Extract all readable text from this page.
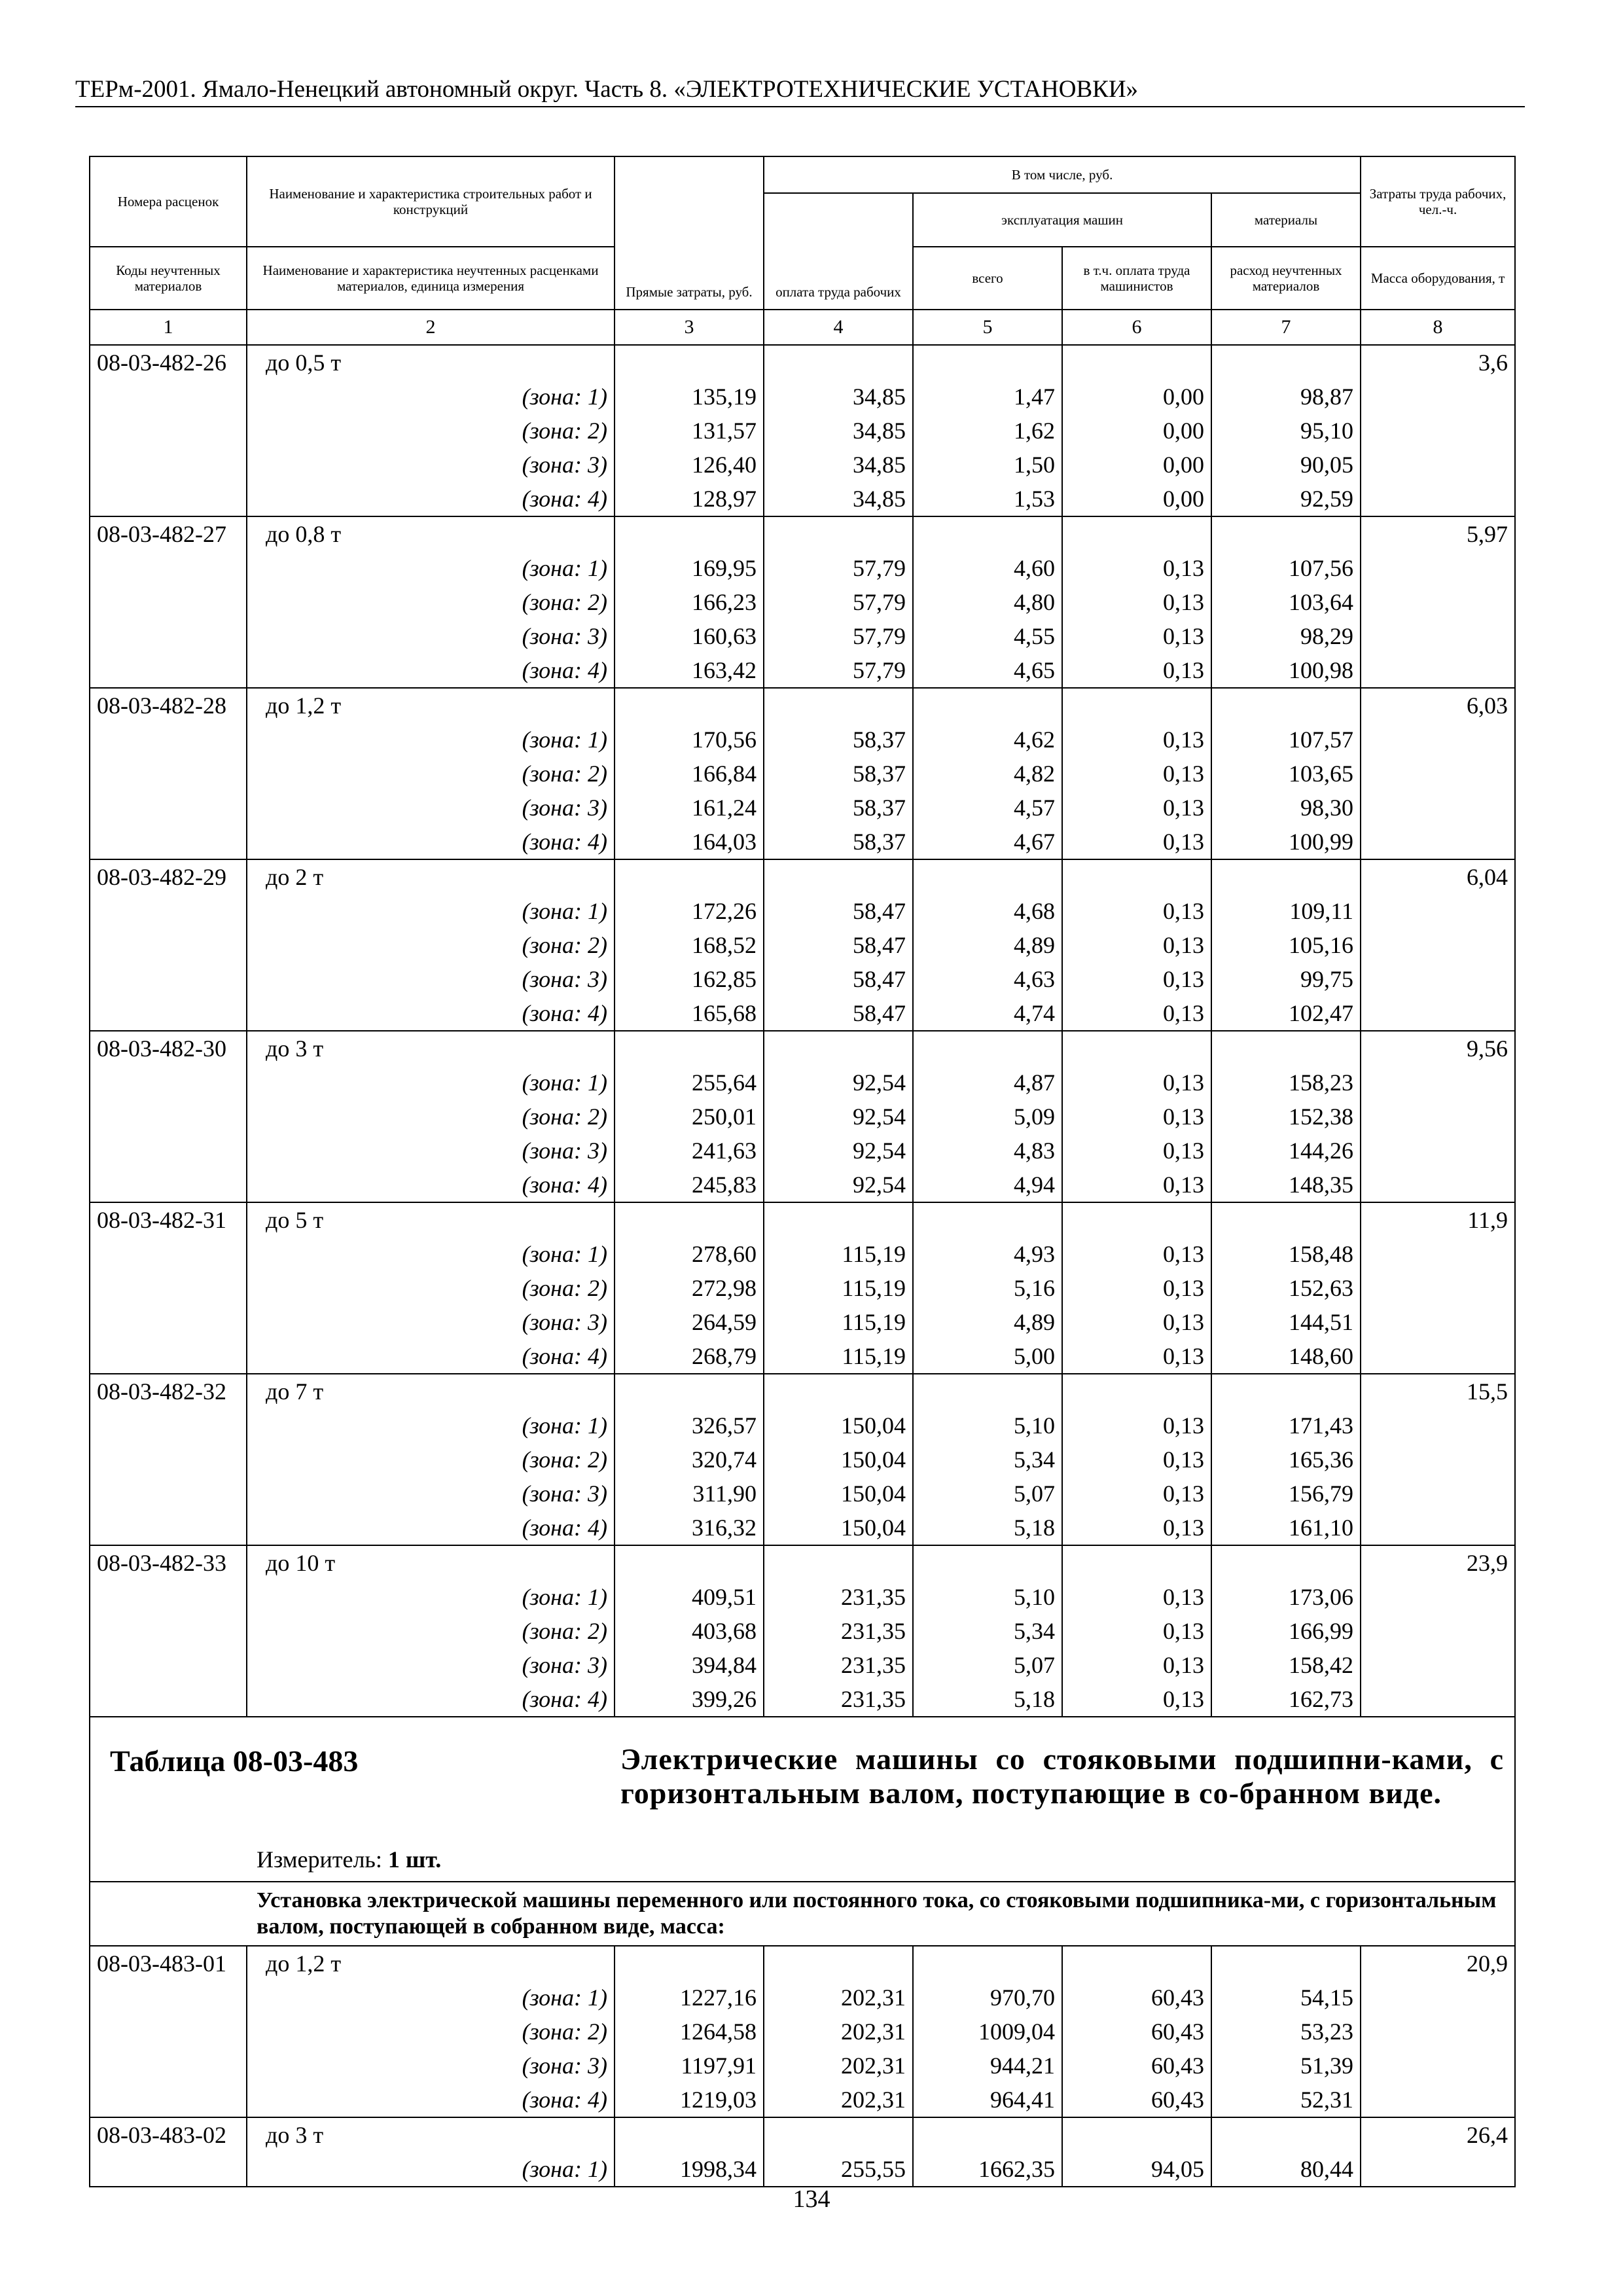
ТЕРм-2001. Ямало-Ненецкий автономный округ. Часть 8. «ЭЛЕКТРОТЕХНИЧЕСКИЕ УСТАНОВКИ»
Номера расценок	Наименование и характеристика строительных работ и конструкций	Прямые затраты, руб.	В том числе, руб.				Затраты труда рабочих, чел.-ч.
			оплата труда рабочих	эксплуатация машин		материалы	
Коды неучтенных материалов	Наименование и характеристика неучтенных расценками материалов, единица измерения			всего	в т.ч. оплата труда машинистов	расход неучтенных материалов	Масса оборудования, т
1	2	3	4	5	6	7	8
08-03-482-26	до 0,5 т						3,6
	(зона: 1)	135,19	34,85	1,47	0,00	98,87	
	(зона: 2)	131,57	34,85	1,62	0,00	95,10	
	(зона: 3)	126,40	34,85	1,50	0,00	90,05	
	(зона: 4)	128,97	34,85	1,53	0,00	92,59	
08-03-482-27	до 0,8 т						5,97
	(зона: 1)	169,95	57,79	4,60	0,13	107,56	
	(зона: 2)	166,23	57,79	4,80	0,13	103,64	
	(зона: 3)	160,63	57,79	4,55	0,13	98,29	
	(зона: 4)	163,42	57,79	4,65	0,13	100,98	
08-03-482-28	до 1,2 т						6,03
	(зона: 1)	170,56	58,37	4,62	0,13	107,57	
	(зона: 2)	166,84	58,37	4,82	0,13	103,65	
	(зона: 3)	161,24	58,37	4,57	0,13	98,30	
	(зона: 4)	164,03	58,37	4,67	0,13	100,99	
08-03-482-29	до 2 т						6,04
	(зона: 1)	172,26	58,47	4,68	0,13	109,11	
	(зона: 2)	168,52	58,47	4,89	0,13	105,16	
	(зона: 3)	162,85	58,47	4,63	0,13	99,75	
	(зона: 4)	165,68	58,47	4,74	0,13	102,47	
08-03-482-30	до 3 т						9,56
	(зона: 1)	255,64	92,54	4,87	0,13	158,23	
	(зона: 2)	250,01	92,54	5,09	0,13	152,38	
	(зона: 3)	241,63	92,54	4,83	0,13	144,26	
	(зона: 4)	245,83	92,54	4,94	0,13	148,35	
08-03-482-31	до 5 т						11,9
	(зона: 1)	278,60	115,19	4,93	0,13	158,48	
	(зона: 2)	272,98	115,19	5,16	0,13	152,63	
	(зона: 3)	264,59	115,19	4,89	0,13	144,51	
	(зона: 4)	268,79	115,19	5,00	0,13	148,60	
08-03-482-32	до 7 т						15,5
	(зона: 1)	326,57	150,04	5,10	0,13	171,43	
	(зона: 2)	320,74	150,04	5,34	0,13	165,36	
	(зона: 3)	311,90	150,04	5,07	0,13	156,79	
	(зона: 4)	316,32	150,04	5,18	0,13	161,10	
08-03-482-33	до 10 т						23,9
	(зона: 1)	409,51	231,35	5,10	0,13	173,06	
	(зона: 2)	403,68	231,35	5,34	0,13	166,99	
	(зона: 3)	394,84	231,35	5,07	0,13	158,42	
	(зона: 4)	399,26	231,35	5,18	0,13	162,73	

Таблица 08-03-483 Электрические машины со стояковыми подшипни-ками, с горизонтальным валом, поступающие в со-бранном виде.
Измеритель: 1 шт.							

Установка электрической машины переменного или постоянного тока, со стояковыми подшипника-ми, с горизонтальным валом, поступающей в собранном виде, масса:							

08-03-483-01	до 1,2 т						20,9
	(зона: 1)	1227,16	202,31	970,70	60,43	54,15	
	(зона: 2)	1264,58	202,31	1009,04	60,43	53,23	
	(зона: 3)	1197,91	202,31	944,21	60,43	51,39	
	(зона: 4)	1219,03	202,31	964,41	60,43	52,31	
08-03-483-02	до 3 т						26,4
	(зона: 1)	1998,34	255,55	1662,35	94,05	80,44	
134
